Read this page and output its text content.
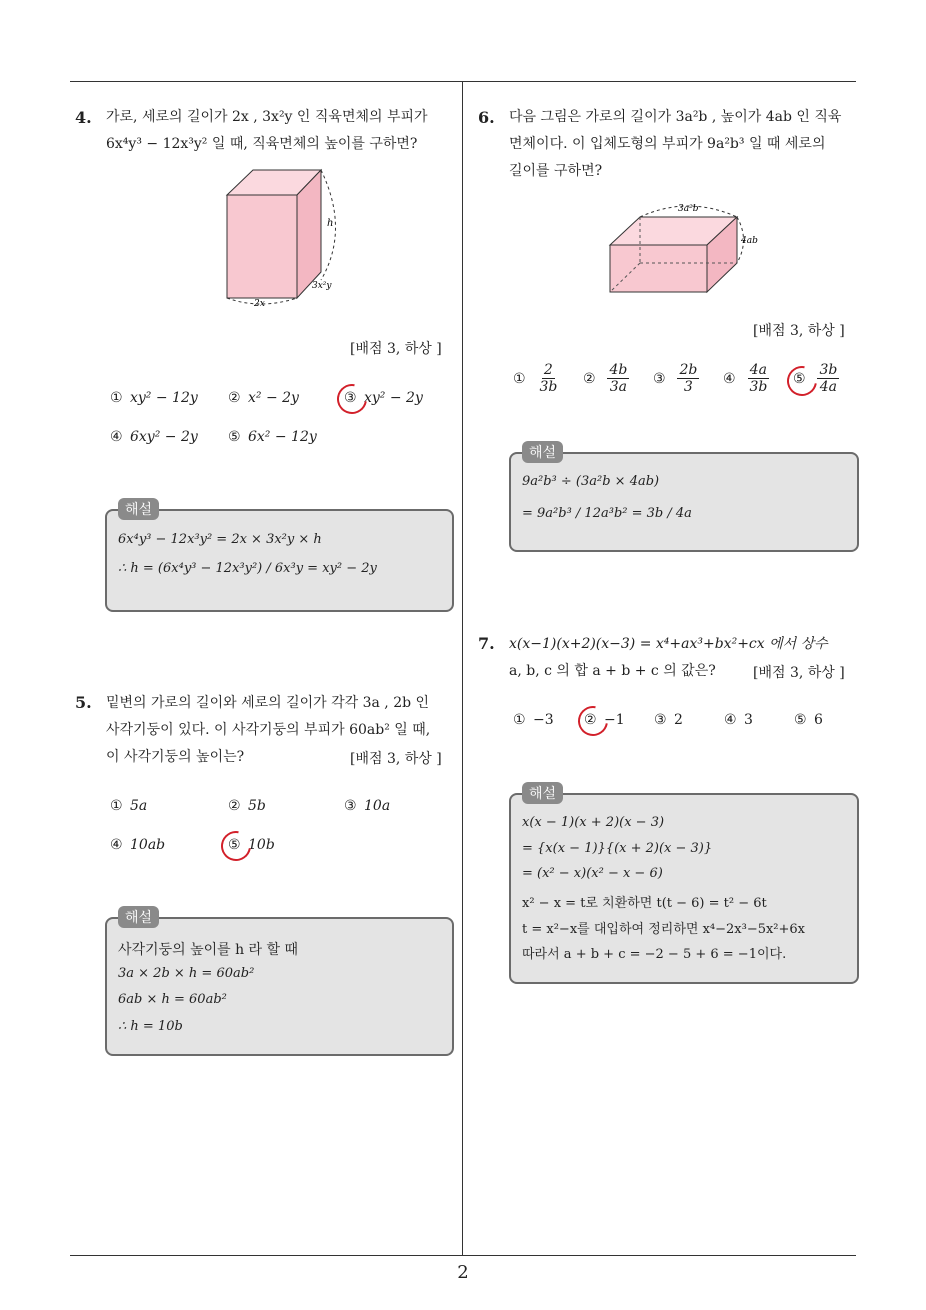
2
4. 가로, 세로의 길이가 2x , 3x²y 인 직육면체의 부피가
6x⁴y³ − 12x³y² 일 때, 직육면체의 높이를 구하면?
h
3x²y
2x
[배점 3, 하상 ]
① xy² − 12y ② x² − 2y	③ xy² − 2y
④ 6xy² − 2y ⑤ 6x² − 12y
해설
6x⁴y³ − 12x³y² = 2x × 3x²y × h
∴ h = (6x⁴y³ − 12x³y²) / 6x³y = xy² − 2y
5. 밑변의 가로의 길이와 세로의 길이가 각각 3a , 2b 인
사각기둥이 있다. 이 사각기둥의 부피가 60ab² 일 때,
이 사각기둥의 높이는?	[배점 3, 하상 ]
① 5a	② 5b	③ 10a
④ 10ab	⑤ 10b
해설
사각기둥의 높이를 h 라 할 때
3a × 2b × h = 60ab²
6ab × h = 60ab²
∴ h = 10b
6. 다음 그림은 가로의 길이가 3a²b , 높이가 4ab 인 직육
면체이다. 이 입체도형의 부피가 9a²b³ 일 때 세로의
길이를 구하면?
3a²b
4ab
[배점 3, 하상 ]
① $\frac{2}{3b}$ ② $\frac{4b}{3a}$ ③ $\frac{2b}{3}$ ④ $\frac{4a}{3b}$ ⑤ $\frac{3b}{4a}$
해설
9a²b³ ÷ (3a²b × 4ab)
= 9a²b³ / 12a³b² = 3b / 4a
7. x(x−1)(x+2)(x−3) = x⁴+ax³+bx²+cx 에서 상수
a, b, c 의 합 a + b + c 의 값은?	[배점 3, 하상 ]
① −3 ② −1 ③ 2	④ 3	⑤ 6
해설
x(x − 1)(x + 2)(x − 3)
= {x(x − 1)}{(x + 2)(x − 3)}
= (x² − x)(x² − x − 6)
x² − x = t로 치환하면 t(t − 6) = t² − 6t
t = x²−x를 대입하여 정리하면 x⁴−2x³−5x²+6x
따라서 a + b + c = −2 − 5 + 6 = −1이다.
